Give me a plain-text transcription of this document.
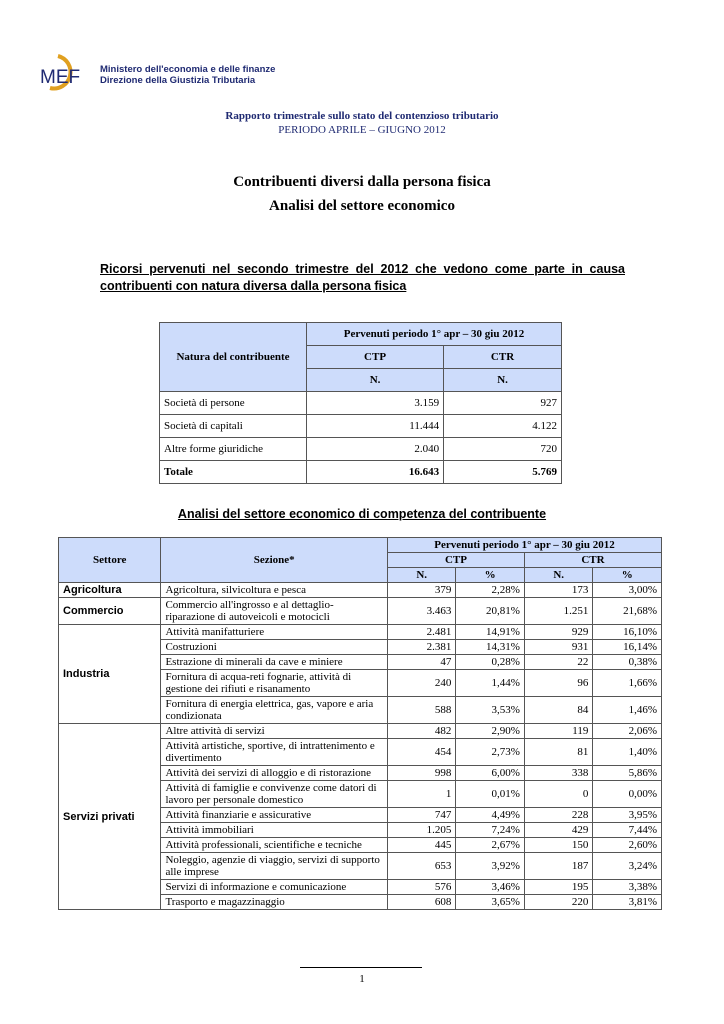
MEF Ministero dell'economia e delle finanze
Direzione della Giustizia Tributaria
Rapporto trimestrale sullo stato del contenzioso tributario
PERIODO APRILE – GIUGNO 2012
Contribuenti diversi dalla persona fisica
Analisi del settore economico
Ricorsi pervenuti nel secondo trimestre del 2012 che vedono come parte in causa contribuenti con natura diversa dalla persona fisica
Natura del contribuente	Pervenuti periodo 1° apr – 30 giu 2012	
	CTP	CTR
	N.	N.
Società di persone	3.159	927
Società di capitali	11.444	4.122
Altre forme giuridiche	2.040	720
Totale	16.643	5.769
Analisi del settore economico di competenza del contribuente
Settore	Sezione*	Pervenuti periodo 1° apr – 30 giu 2012			
		CTP		CTR	
		N.	%	N.	%
Agricoltura	Agricoltura, silvicoltura e pesca	379	2,28%	173	3,00%
Commercio	Commercio all'ingrosso e al dettaglio-riparazione di autoveicoli e motocicli	3.463	20,81%	1.251	21,68%
Industria	Attività manifatturiere	2.481	14,91%	929	16,10%
	Costruzioni	2.381	14,31%	931	16,14%
	Estrazione di minerali da cave e miniere	47	0,28%	22	0,38%
	Fornitura di acqua-reti fognarie, attività di gestione dei rifiuti e risanamento	240	1,44%	96	1,66%
	Fornitura di energia elettrica, gas, vapore e aria condizionata	588	3,53%	84	1,46%
Servizi privati	Altre attività di servizi	482	2,90%	119	2,06%
	Attività artistiche, sportive, di intrattenimento e divertimento	454	2,73%	81	1,40%
	Attività dei servizi di alloggio e di ristorazione	998	6,00%	338	5,86%
	Attività di famiglie e convivenze come datori di lavoro per personale domestico	1	0,01%	0	0,00%
	Attività finanziarie e assicurative	747	4,49%	228	3,95%
	Attività immobiliari	1.205	7,24%	429	7,44%
	Attività professionali, scientifiche e tecniche	445	2,67%	150	2,60%
	Noleggio, agenzie di viaggio, servizi di supporto alle imprese	653	3,92%	187	3,24%
	Servizi di informazione e comunicazione	576	3,46%	195	3,38%
	Trasporto e magazzinaggio	608	3,65%	220	3,81%
1
